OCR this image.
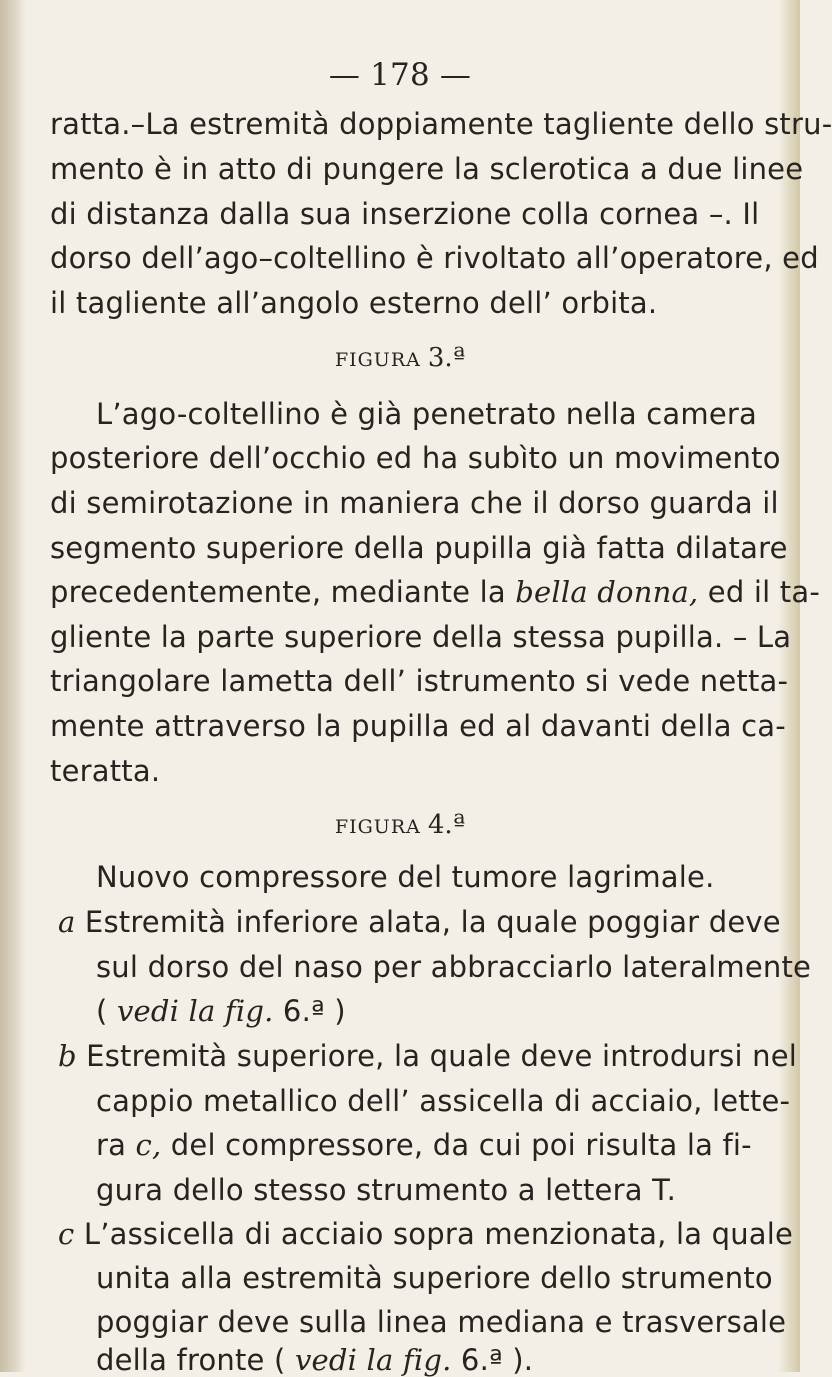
— 178 —
ratta.–La estremità doppiamente tagliente dello stru-
mento è in atto di pungere la sclerotica a due linee
di distanza dalla sua inserzione colla cornea –. Il
dorso dell’ago–coltellino è rivoltato all’operatore, ed
il tagliente all’angolo esterno dell’ orbita.
FIGURA 3.ª
L’ago-coltellino è già penetrato nella camera
posteriore dell’occhio ed ha subìto un movimento
di semirotazione in maniera che il dorso guarda il
segmento superiore della pupilla già fatta dilatare
precedentemente, mediante la bella donna, ed il ta-
gliente la parte superiore della stessa pupilla. – La
triangolare lametta dell’ istrumento si vede netta-
mente attraverso la pupilla ed al davanti della ca-
teratta.
FIGURA 4.ª
Nuovo compressore del tumore lagrimale.
a Estremità inferiore alata, la quale poggiar deve
sul dorso del naso per abbracciarlo lateralmente
( vedi la fig. 6.ª )
b Estremità superiore, la quale deve introdursi nel
cappio metallico dell’ assicella di acciaio, lette-
ra c, del compressore, da cui poi risulta la fi-
gura dello stesso strumento a lettera T.
c L’assicella di acciaio sopra menzionata, la quale
unita alla estremità superiore dello strumento
poggiar deve sulla linea mediana e trasversale
della fronte ( vedi la fig. 6.ª ).
